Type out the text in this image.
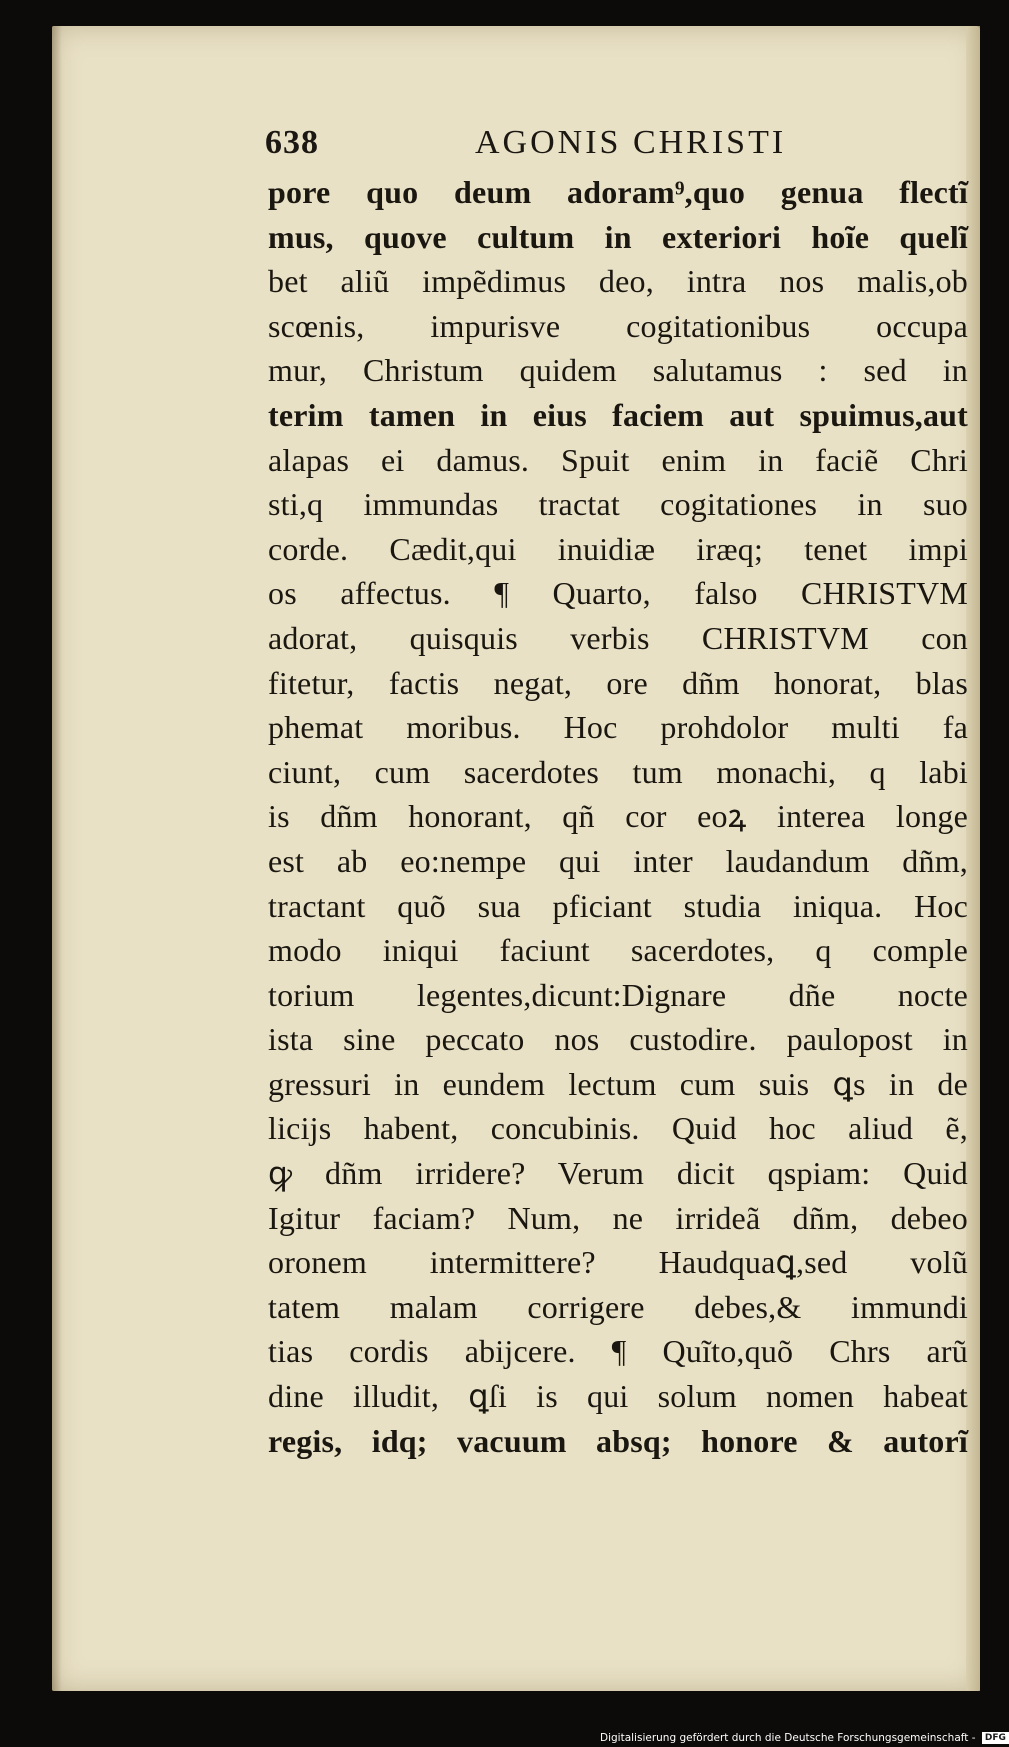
638	AGONIS CHRISTI
pore quo deum adoram⁹,quo genua flectĩ
mus, quove cultum in exteriori hoĩe quelĩ
bet aliũ impẽdimus deo, intra nos malis,ob
scœnis, impurisve cogitationibus occupa
mur, Christum quidem salutamus : sed in
terim tamen in eius faciem aut spuimus,aut
alapas ei damus. Spuit enim in faciẽ Chri
sti,q immundas tractat cogitationes in suo
corde. Cædit,qui inuidiæ iræq; tenet impi
os affectus. ¶ Quarto, falso CHRISTVM
adorat, quisquis verbis CHRISTVM con
fitetur, factis negat, ore dñm honorat, blas
phemat moribus. Hoc prohdolor multi fa
ciunt, cum sacerdotes tum monachi, q labi
is dñm honorant, qñ cor eoꝝ interea longe
est ab eo:nempe qui inter laudandum dñm,
tractant quõ sua pficiant studia iniqua. Hoc
modo iniqui faciunt sacerdotes, q comple
torium legentes,dicunt:Dignare dñe nocte
ista sine peccato nos custodire. paulopost in
gressuri in eundem lectum cum suis ꝗs in de
licijs habent, concubinis. Quid hoc aliud ẽ,
ꝙ dñm irridere? Verum dicit qspiam: Quid
Igitur faciam? Num, ne irrideã dñm, debeo
oronem intermittere? Haudquaꝗ,sed volũ
tatem malam corrigere debes,& immundi
tias cordis abijcere. ¶ Quĩto,quõ Chrs arũ
dine illudit, ꝗſi is qui solum nomen habeat
regis, idq; vacuum absq; honore & autorĩ
Digitalisierung gefördert durch die Deutsche Forschungsgemeinschaft - DFG
